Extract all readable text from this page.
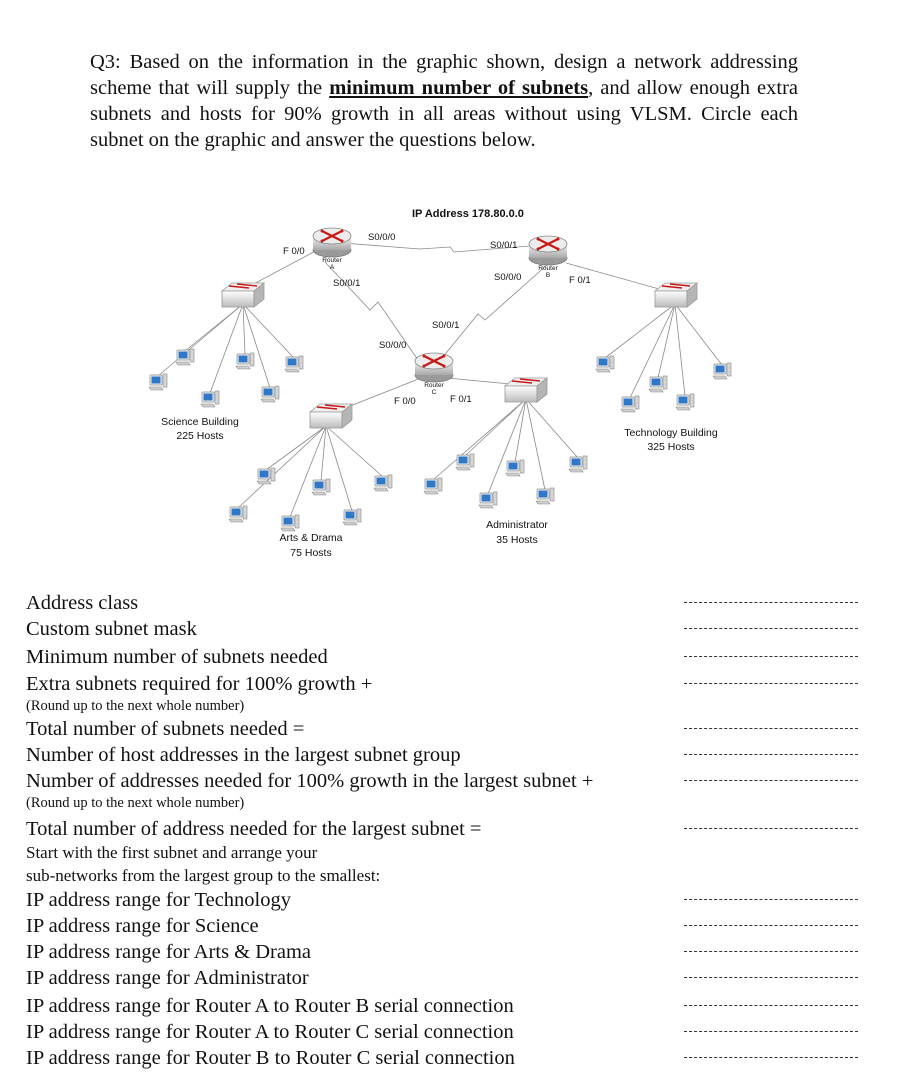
Q3: Based on the information in the graphic shown, design a network addressing scheme that will supply the minimum number of subnets, and allow enough extra subnets and hosts for 90% growth in all areas without using VLSM. Circle each subnet on the graphic and answer the questions below.
IP Address 178.80.0.0
F 0/0
S0/0/0
S0/0/1
S0/0/1
S0/0/0	F 0/1
S0/0/1
S0/0/0
F 0/0	F 0/1
Router
A	Router
B
Router
C
Science Building
225 Hosts	Technology Building
325 Hosts
Arts & Drama
75 Hosts
Administrator
35 Hosts
Address class
Custom subnet mask
Minimum number of subnets needed
Extra subnets required for 100% growth +
(Round up to the next whole number)
Total number of subnets needed =
Number of host addresses in the largest subnet group
Number of addresses needed for 100% growth in the largest subnet +
(Round up to the next whole number)
Total number of address needed for the largest subnet =
Start with the first subnet and arrange your
sub-networks from the largest group to the smallest:
IP address range for Technology
IP address range for Science
IP address range for Arts & Drama
IP address range for Administrator
IP address range for Router A to Router B serial connection
IP address range for Router A to Router C serial connection
IP address range for Router B to Router C serial connection
